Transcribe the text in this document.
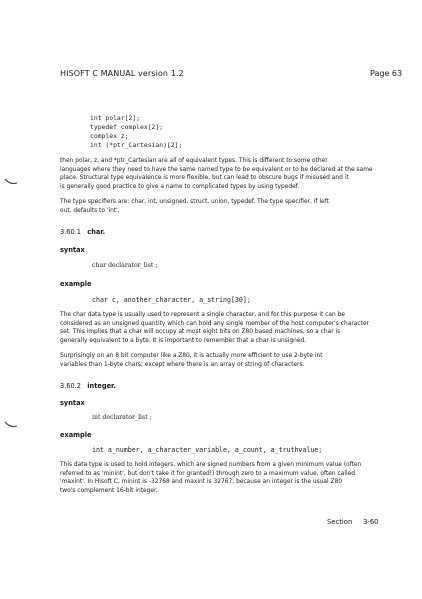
HISOFT C MANUAL version 1.2	Page 63
int polar[2];
typedef complex[2];
complex z;
int (*ptr_Cartesian)[2];
then polar, z, and *ptr_Cartesian are all of equivalent types. This is different to some other
languages where they need to have the same named type to be equivalent or to be declared at the same
place. Structural type equivalence is more flexible, but can lead to obscure bugs if misused and it
is generally good practice to give a name to complicated types by using typedef.
The type specifiers are: char, int, unsigned, struct, union, typedef. The type specifier, if left
out, defaults to 'int'.
3.60.1 char.
syntax
char declarator_list ;
example
char c, another_character, a_string[30];
The char data type is usually used to represent a single character, and for this purpose it can be
considered as an unsigned quantity which can hold any single member of the host computer's character
set. This implies that a char will occupy at most eight bits on Z80 based machines, so a char is
generally equivalent to a byte. It is important to remember that a char is unsigned.
Surprisingly on an 8 bit computer like a Z80, it is actually more efficient to use 2-byte int
variables than 1-byte chars; except where there is an array or string of characters.
3.60.2 integer.
syntax
int declarator_list ;
example
int a_number, a_character_variable, a_count, a_truthvalue;
This data type is used to hold integers, which are signed numbers from a given minimum value (often
referred to as 'minint', but don't take it for granted!) through zero to a maximum value, often called
'maxint'. In Hisoft C, minint is -32768 and maxint is 32767; because an integer is the usual Z80
two's complement 16-bit integer.
Section 3-60
